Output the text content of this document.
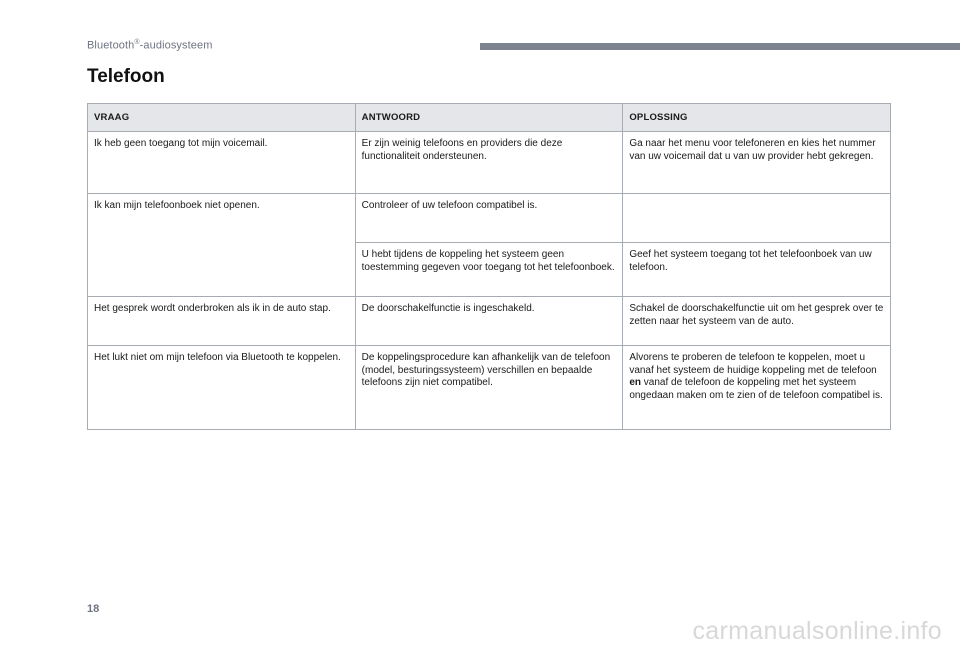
Bluetooth®-audiosysteem
Telefoon
VRAAG	ANTWOORD	OPLOSSING
Ik heb geen toegang tot mijn voicemail.	Er zijn weinig telefoons en providers die deze functionaliteit ondersteunen.	Ga naar het menu voor telefoneren en kies het nummer van uw voicemail dat u van uw provider hebt gekregen.
Ik kan mijn telefoonboek niet openen.	Controleer of uw telefoon compatibel is.	
	U hebt tijdens de koppeling het systeem geen toestemming gegeven voor toegang tot het telefoonboek.	Geef het systeem toegang tot het telefoonboek van uw telefoon.
Het gesprek wordt onderbroken als ik in de auto stap.	De doorschakelfunctie is ingeschakeld.	Schakel de doorschakelfunctie uit om het gesprek over te zetten naar het systeem van de auto.
Het lukt niet om mijn telefoon via Bluetooth te koppelen.	De koppelingsprocedure kan afhankelijk van de telefoon (model, besturingssysteem) verschillen en bepaalde telefoons zijn niet compatibel.	Alvorens te proberen de telefoon te koppelen, moet u vanaf het systeem de huidige koppeling met de telefoon en vanaf de telefoon de koppeling met het systeem ongedaan maken om te zien of de telefoon compatibel is.
18
carmanualsonline.info
